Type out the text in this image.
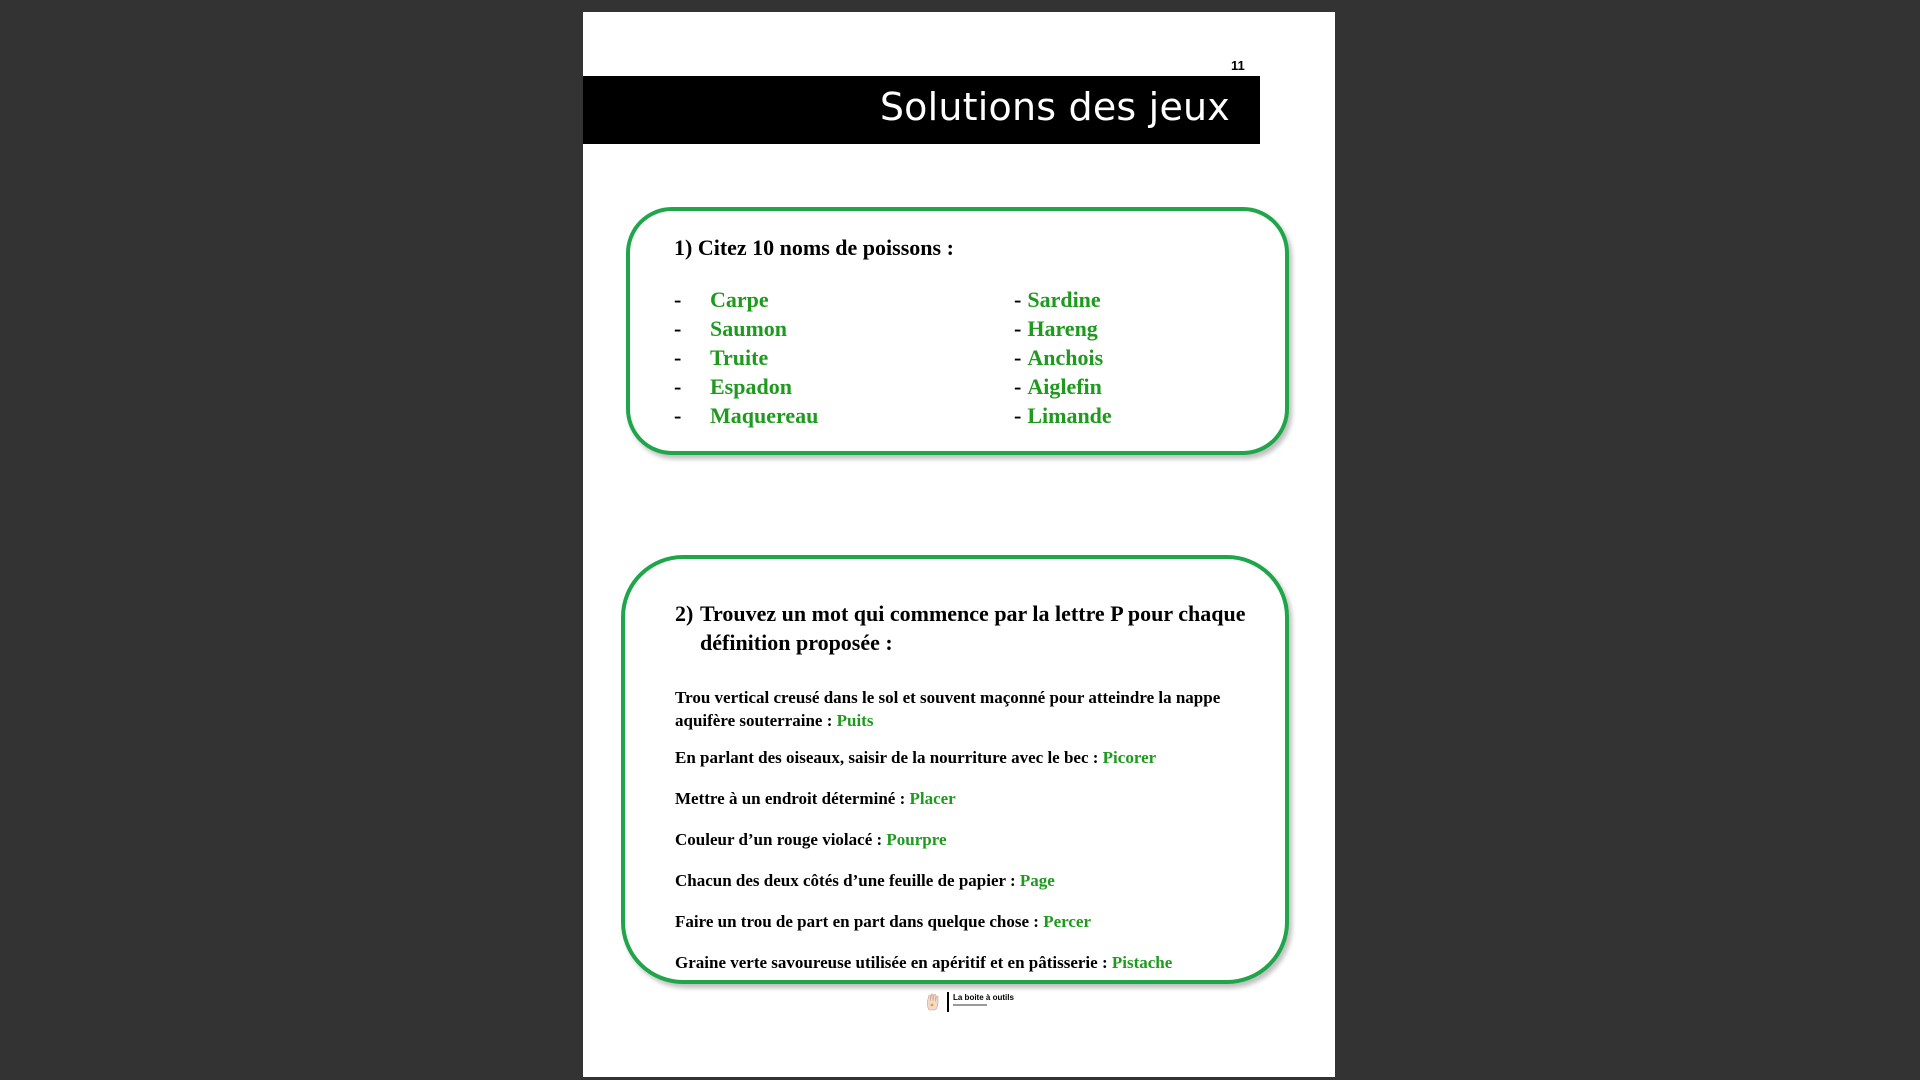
11
Solutions des jeux
1) Citez 10 noms de poissons :
- Carpe
- Saumon
- Truite
- Espadon
- Maquereau
- Sardine
- Hareng
- Anchois
- Aiglefin
- Limande
2) Trouvez un mot qui commence par la lettre P pour chaque définition proposée :
Trou vertical creusé dans le sol et souvent maçonné pour atteindre la nappe aquifère souterraine : Puits
En parlant des oiseaux, saisir de la nourriture avec le bec : Picorer
Mettre à un endroit déterminé : Placer
Couleur d’un rouge violacé : Pourpre
Chacun des deux côtés d’une feuille de papier : Page
Faire un trou de part en part dans quelque chose : Percer
Graine verte savoureuse utilisée en apéritif et en pâtisserie : Pistache
La boite à outils
